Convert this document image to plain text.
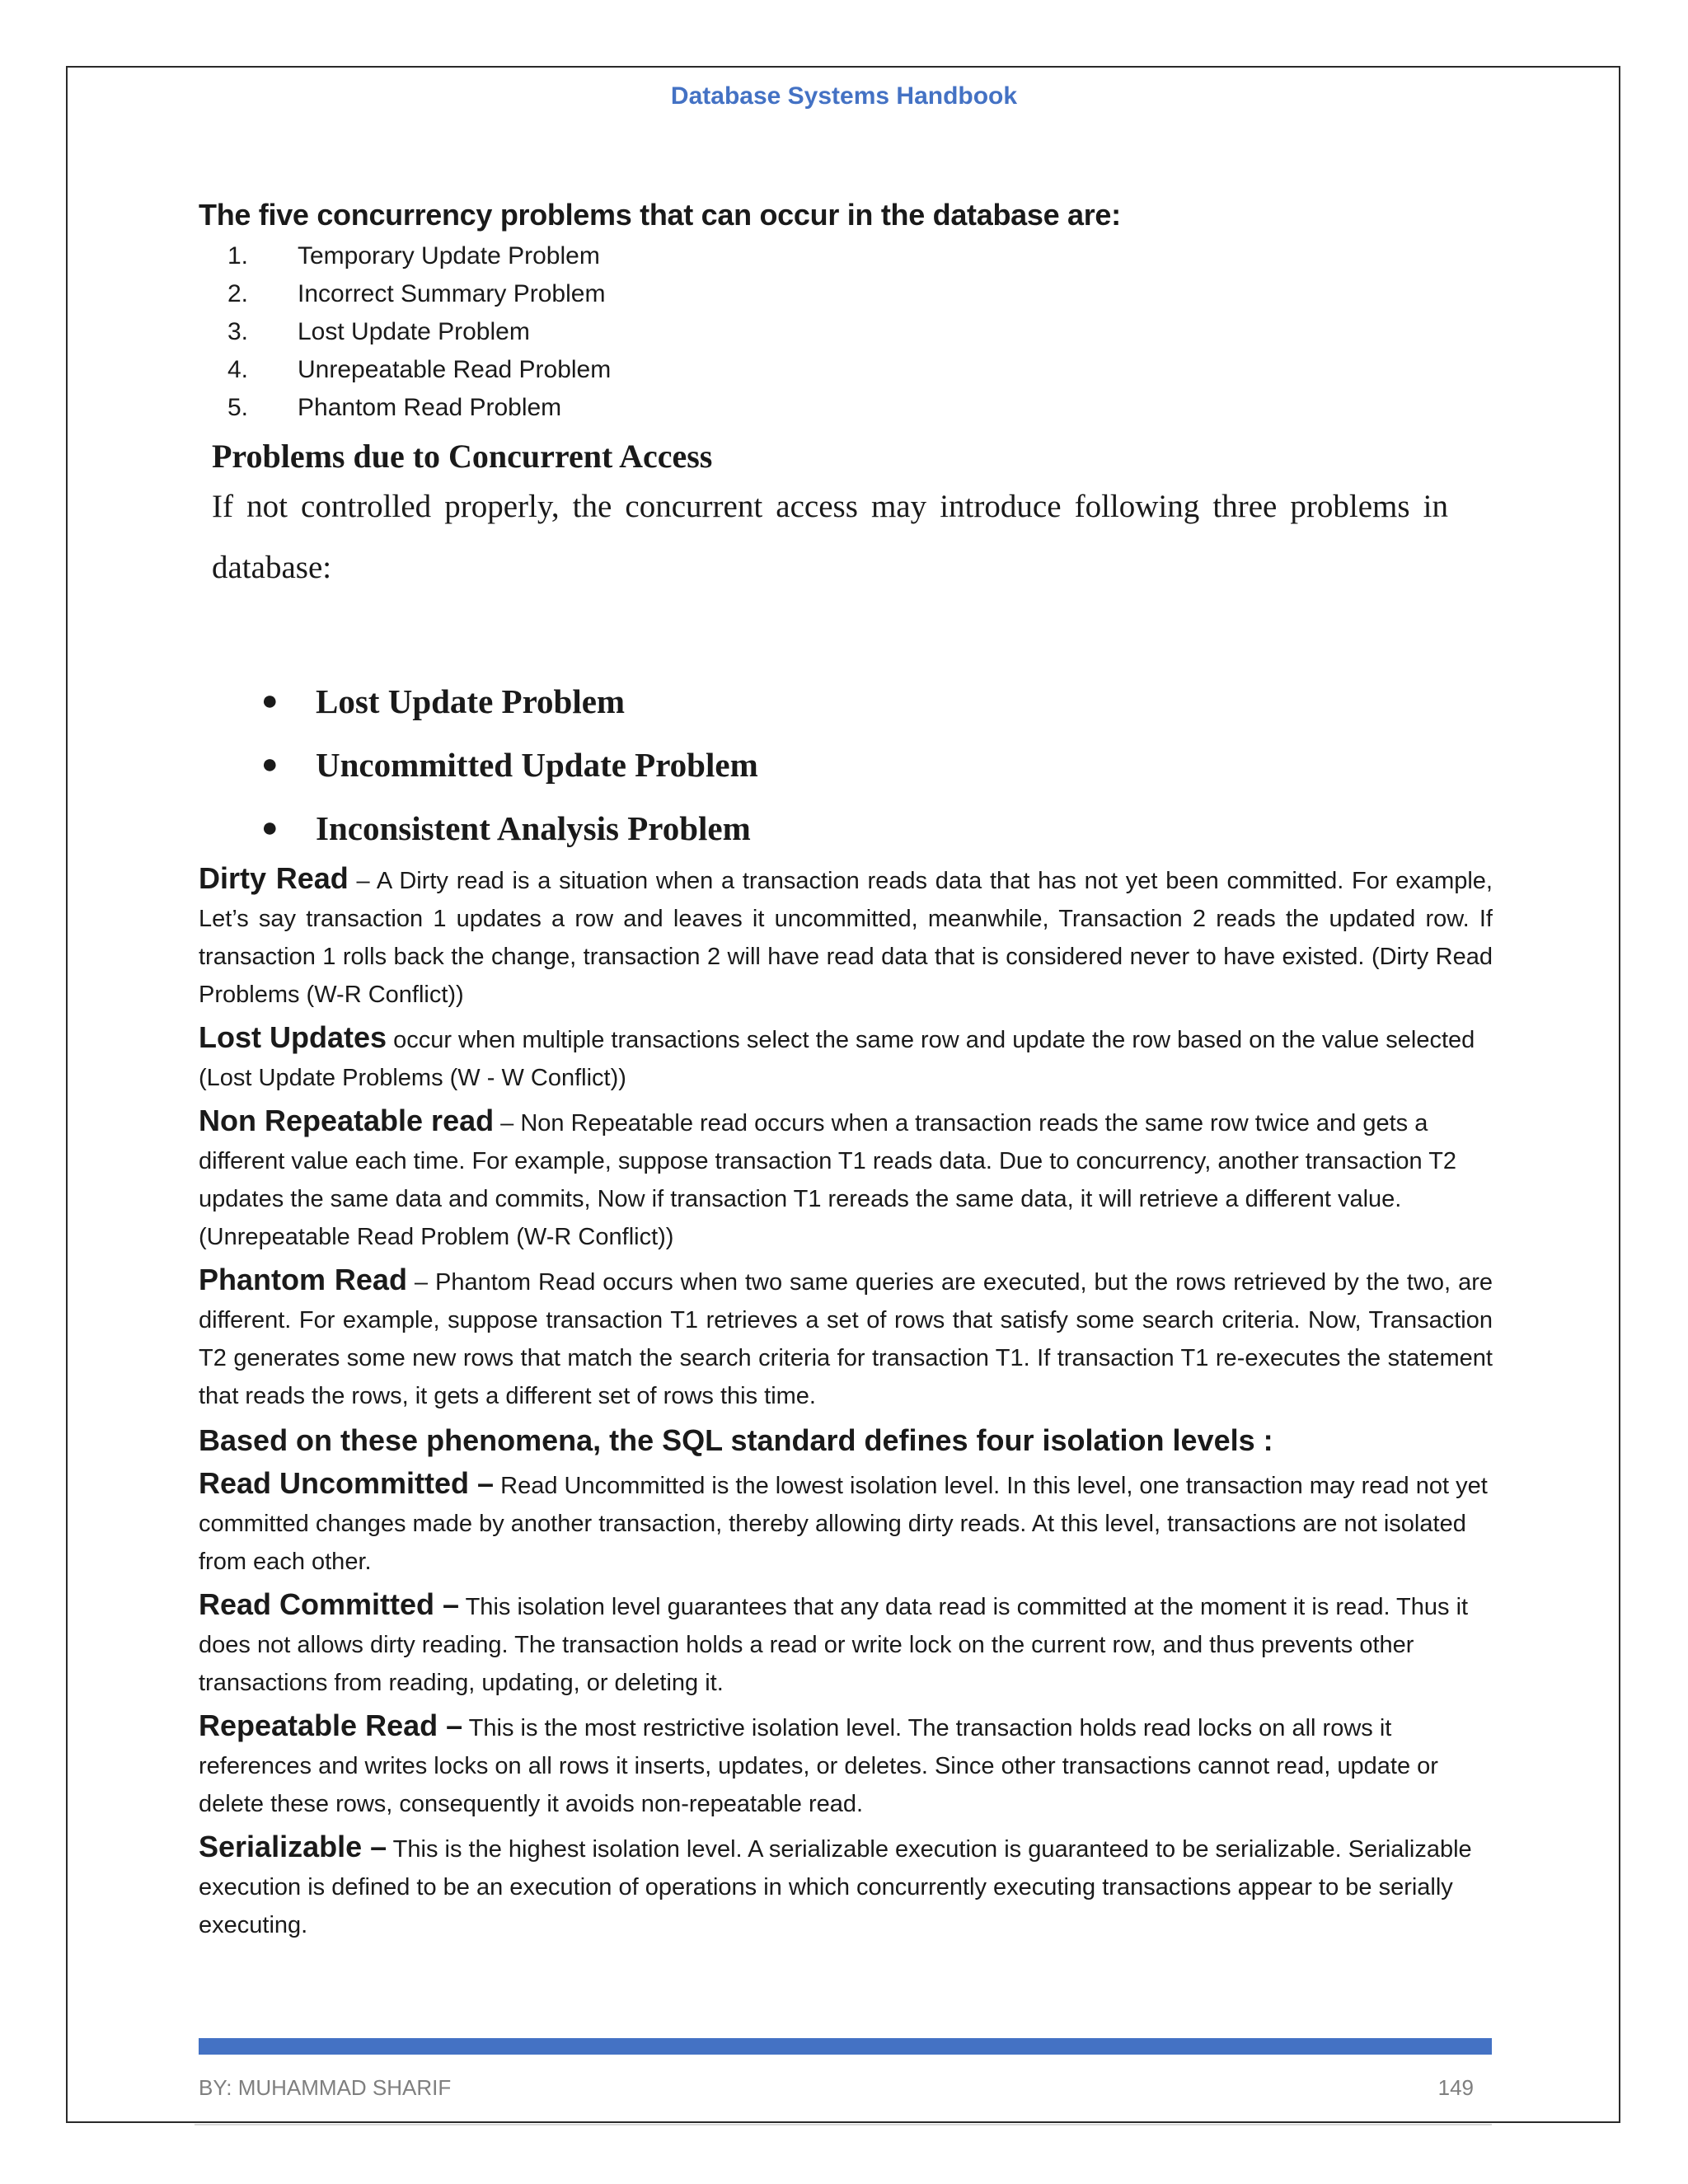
Database Systems Handbook
The five concurrency problems that can occur in the database are:
1. Temporary Update Problem
2. Incorrect Summary Problem
3. Lost Update Problem
4. Unrepeatable Read Problem
5. Phantom Read Problem
Problems due to Concurrent Access

If not controlled properly, the concurrent access may introduce following three problems in database:

●	Lost Update Problem
●	Uncommitted Update Problem
●	Inconsistent Analysis Problem

Dirty Read – A Dirty read is a situation when a transaction reads data that has not yet been committed. For example, Let’s say transaction 1 updates a row and leaves it uncommitted, meanwhile, Transaction 2 reads the updated row. If transaction 1 rolls back the change, transaction 2 will have read data that is considered never to have existed. (Dirty Read Problems (W-R Conflict))

Lost Updates occur when multiple transactions select the same row and update the row based on the value selected (Lost Update Problems (W - W Conflict))

Non Repeatable read – Non Repeatable read occurs when a transaction reads the same row twice and gets a different value each time. For example, suppose transaction T1 reads data. Due to concurrency, another transaction T2 updates the same data and commits, Now if transaction T1 rereads the same data, it will retrieve a different value. (Unrepeatable Read Problem (W-R Conflict))

Phantom Read – Phantom Read occurs when two same queries are executed, but the rows retrieved by the two, are different. For example, suppose transaction T1 retrieves a set of rows that satisfy some search criteria. Now, Transaction T2 generates some new rows that match the search criteria for transaction T1. If transaction T1 re-executes the statement that reads the rows, it gets a different set of rows this time.

Based on these phenomena, the SQL standard defines four isolation levels :

Read Uncommitted – Read Uncommitted is the lowest isolation level. In this level, one transaction may read not yet committed changes made by another transaction, thereby allowing dirty reads. At this level, transactions are not isolated from each other.

Read Committed – This isolation level guarantees that any data read is committed at the moment it is read. Thus it does not allows dirty reading. The transaction holds a read or write lock on the current row, and thus prevents other transactions from reading, updating, or deleting it.

Repeatable Read – This is the most restrictive isolation level. The transaction holds read locks on all rows it references and writes locks on all rows it inserts, updates, or deletes. Since other transactions cannot read, update or delete these rows, consequently it avoids non-repeatable read.

Serializable – This is the highest isolation level. A serializable execution is guaranteed to be serializable. Serializable execution is defined to be an execution of operations in which concurrently executing transactions appear to be serially executing.

BY: MUHAMMAD SHARIF	149
